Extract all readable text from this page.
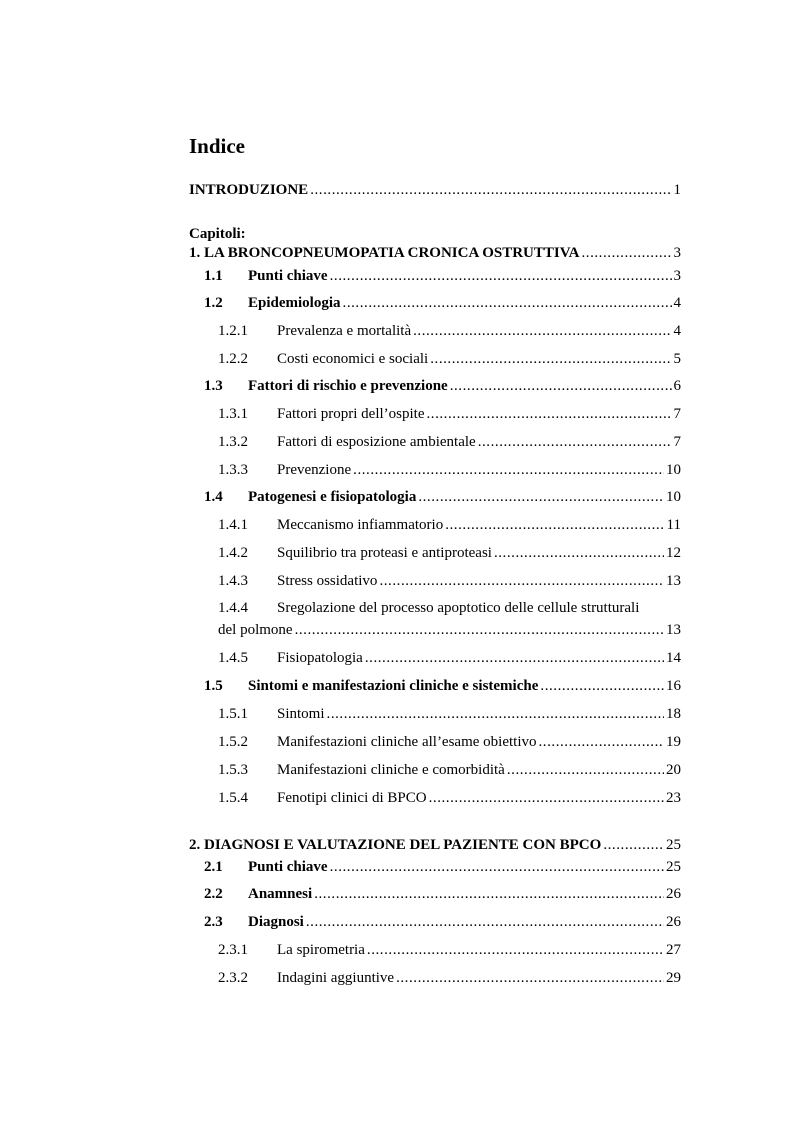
Indice
INTRODUZIONE . . .	1
Capitoli:
1. LA BRONCOPNEUMOPATIA CRONICA OSTRUTTIVA . . .	3
1.1	Punti chiave . . .	3
1.2	Epidemiologia . . .	4
1.2.1	Prevalenza e mortalità . . .	4
1.2.2	Costi economici e sociali . . .	5
1.3	Fattori di rischio e prevenzione . . .	6
1.3.1	Fattori propri dell’ospite . . .	7
1.3.2	Fattori di esposizione ambientale . . .	7
1.3.3	Prevenzione . . .	10
1.4	Patogenesi e fisiopatologia . . .	10
1.4.1	Meccanismo infiammatorio . . .	11
1.4.2	Squilibrio tra proteasi e antiproteasi . . .	12
1.4.3	Stress ossidativo . . .	13
1.4.4 Sregolazione del processo apoptotico delle cellule strutturali
del polmone . . .	13
1.4.5	Fisiopatologia . . .	14
1.5	Sintomi e manifestazioni cliniche e sistemiche . . .	16
1.5.1	Sintomi . . .	18
1.5.2	Manifestazioni cliniche all’esame obiettivo . . .	19
1.5.3	Manifestazioni cliniche e comorbidità . . .	20
1.5.4	Fenotipi clinici di BPCO . . .	23
2. DIAGNOSI E VALUTAZIONE DEL PAZIENTE CON BPCO . . .	25
2.1	Punti chiave . . .	25
2.2	Anamnesi . . .	26
2.3	Diagnosi . . .	26
2.3.1	La spirometria . . .	27
2.3.2	Indagini aggiuntive . . .	29
